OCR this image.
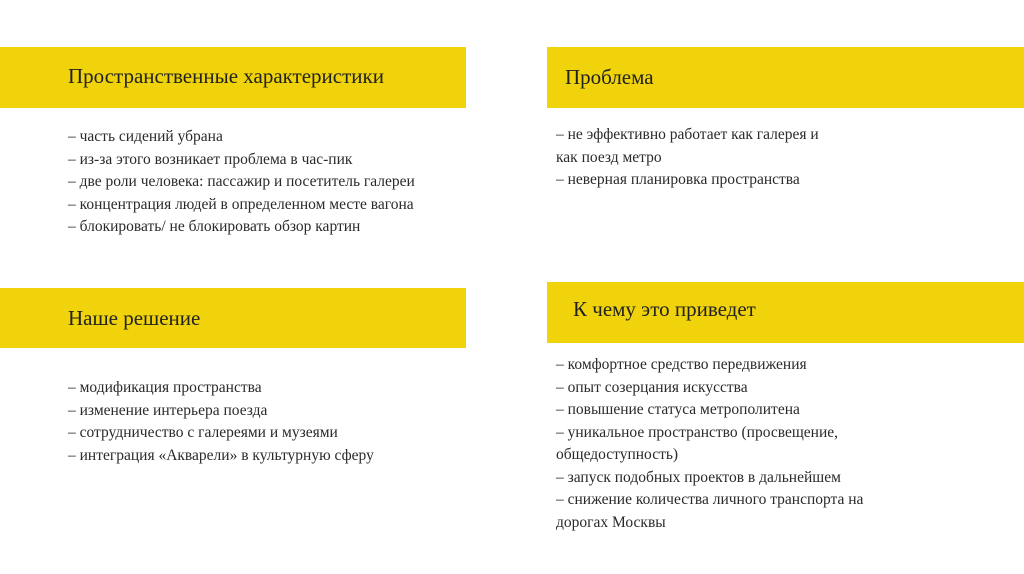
Пространственные характеристики
– часть сидений убрана
– из-за этого возникает проблема в час-пик
– две роли человека: пассажир и посетитель галереи
– концентрация людей в определенном месте вагона
– блокировать/ не блокировать обзор картин
Проблема
– не эффективно работает как галерея и
как поезд метро
– неверная планировка пространства
Наше решение
– модификация пространства
– изменение интерьера поезда
– сотрудничество с галереями и музеями
– интеграция «Акварели» в культурную сферу
К чему это приведет
– комфортное средство передвижения
– опыт созерцания искусства
– повышение статуса метрополитена
– уникальное пространство (просвещение,
общедоступность)
– запуск подобных проектов в дальнейшем
– снижение количества личного транспорта на
дорогах Москвы
